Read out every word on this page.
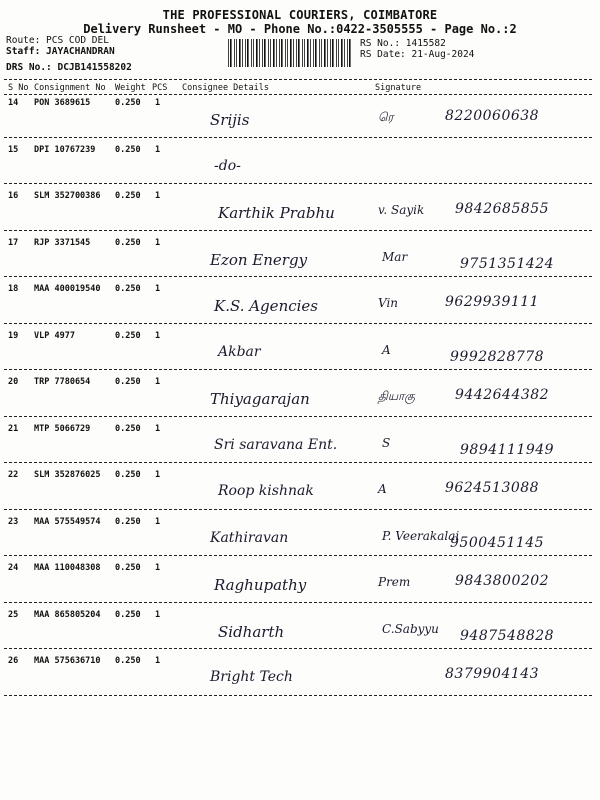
THE PROFESSIONAL COURIERS, COIMBATORE
Delivery Runsheet - MO - Phone No.:0422-3505555 - Page No.:2
Route: PCS COD DEL
Staff: JAYACHANDRAN
DRS No.: DCJB141558202
RS No.: 1415582
RS Date: 21-Aug-2024
S No Consignment No Weight PCS Consignee Details	Signature
14 PON 3689615	0.250 1
Srijis	ரெ	8220060638
15 DPI 10767239 0.250 1
-do-
16 SLM 352700386 0.250 1
Karthik Prabhu	v. Sayik 9842685855
17 RJP 3371545	0.250 1
Ezon Energy	Mar	9751351424
18 MAA 400019540 0.250 1
K.S. Agencies	Vin	9629939111
19 VLP 4977	0.250 1
Akbar	A	9992828778
20 TRP 7780654	0.250 1
Thiyagarajan	தியாகு	9442644382
21 MTP 5066729	0.250 1
Sri saravana Ent.	S	9894111949
22 SLM 352876025 0.250 1
Roop kishnak	A	9624513088
23 MAA 575549574 0.250 1
Kathiravan	P. Veerakalai
9500451145
24 MAA 110048308 0.250 1
Raghupathy	Prem	9843800202
25 MAA 865805204 0.250 1
Sidharth	C.Sabyyu 9487548828
26 MAA 575636710 0.250 1
Bright Tech	8379904143
